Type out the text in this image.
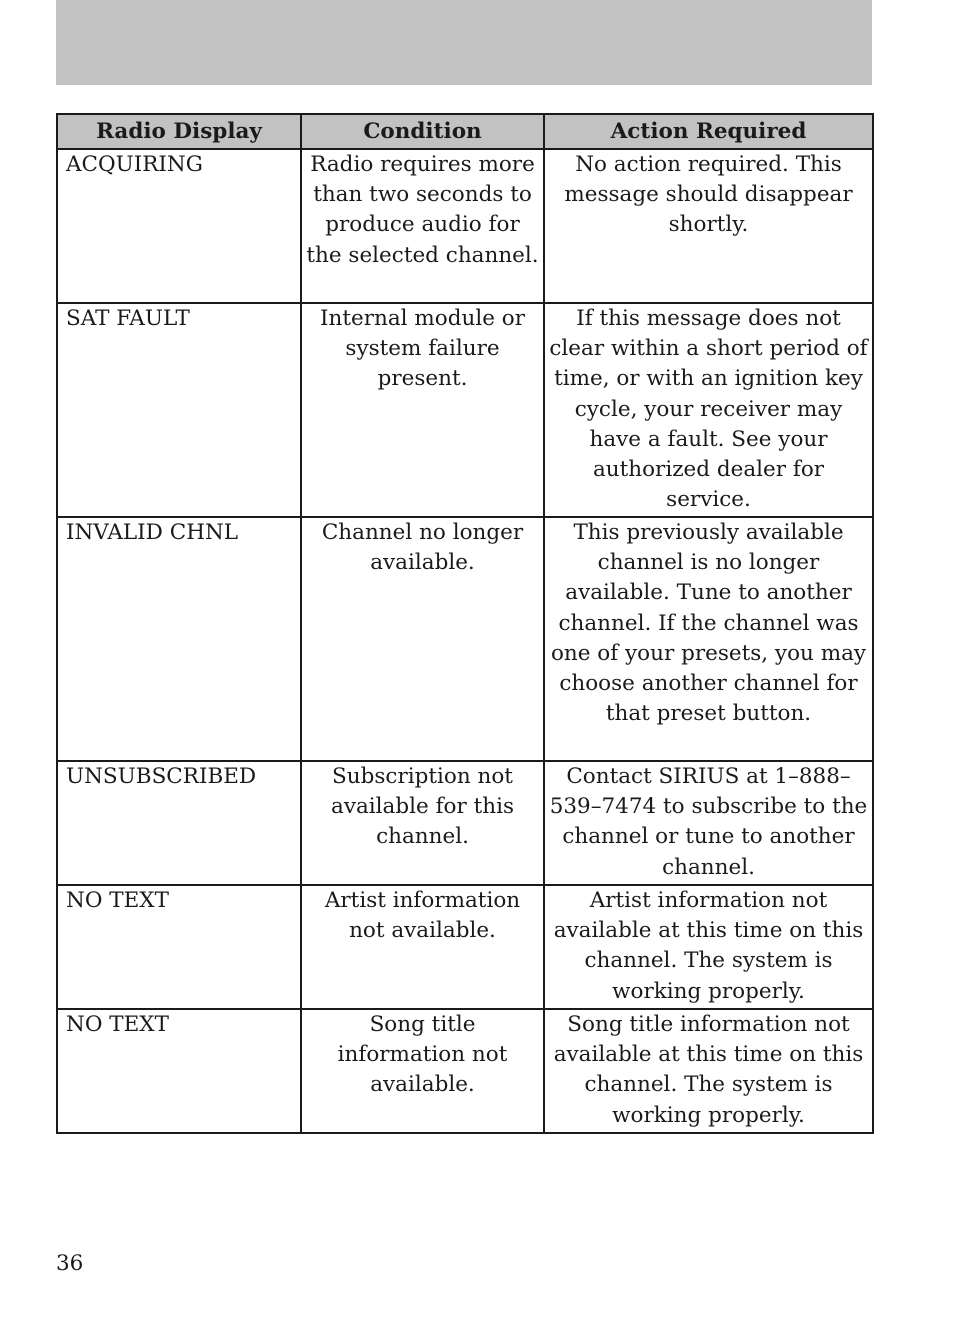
Radio Display	Condition	Action Required
ACQUIRING	Radio requires more than two seconds to produce audio for the selected channel.	No action required. This message should disappear shortly.
SAT FAULT	Internal module or system failure present.	If this message does not clear within a short period of time, or with an ignition key cycle, your receiver may have a fault. See your authorized dealer for service.
INVALID CHNL	Channel no longer available.	This previously available channel is no longer available. Tune to another channel. If the channel was one of your presets, you may choose another channel for that preset button.
UNSUBSCRIBED	Subscription not available for this channel.	Contact SIRIUS at 1–888–539–7474 to subscribe to the channel or tune to another channel.
NO TEXT	Artist information not available.	Artist information not available at this time on this channel. The system is working properly.
NO TEXT	Song title information not available.	Song title information not available at this time on this channel. The system is working properly.
36
